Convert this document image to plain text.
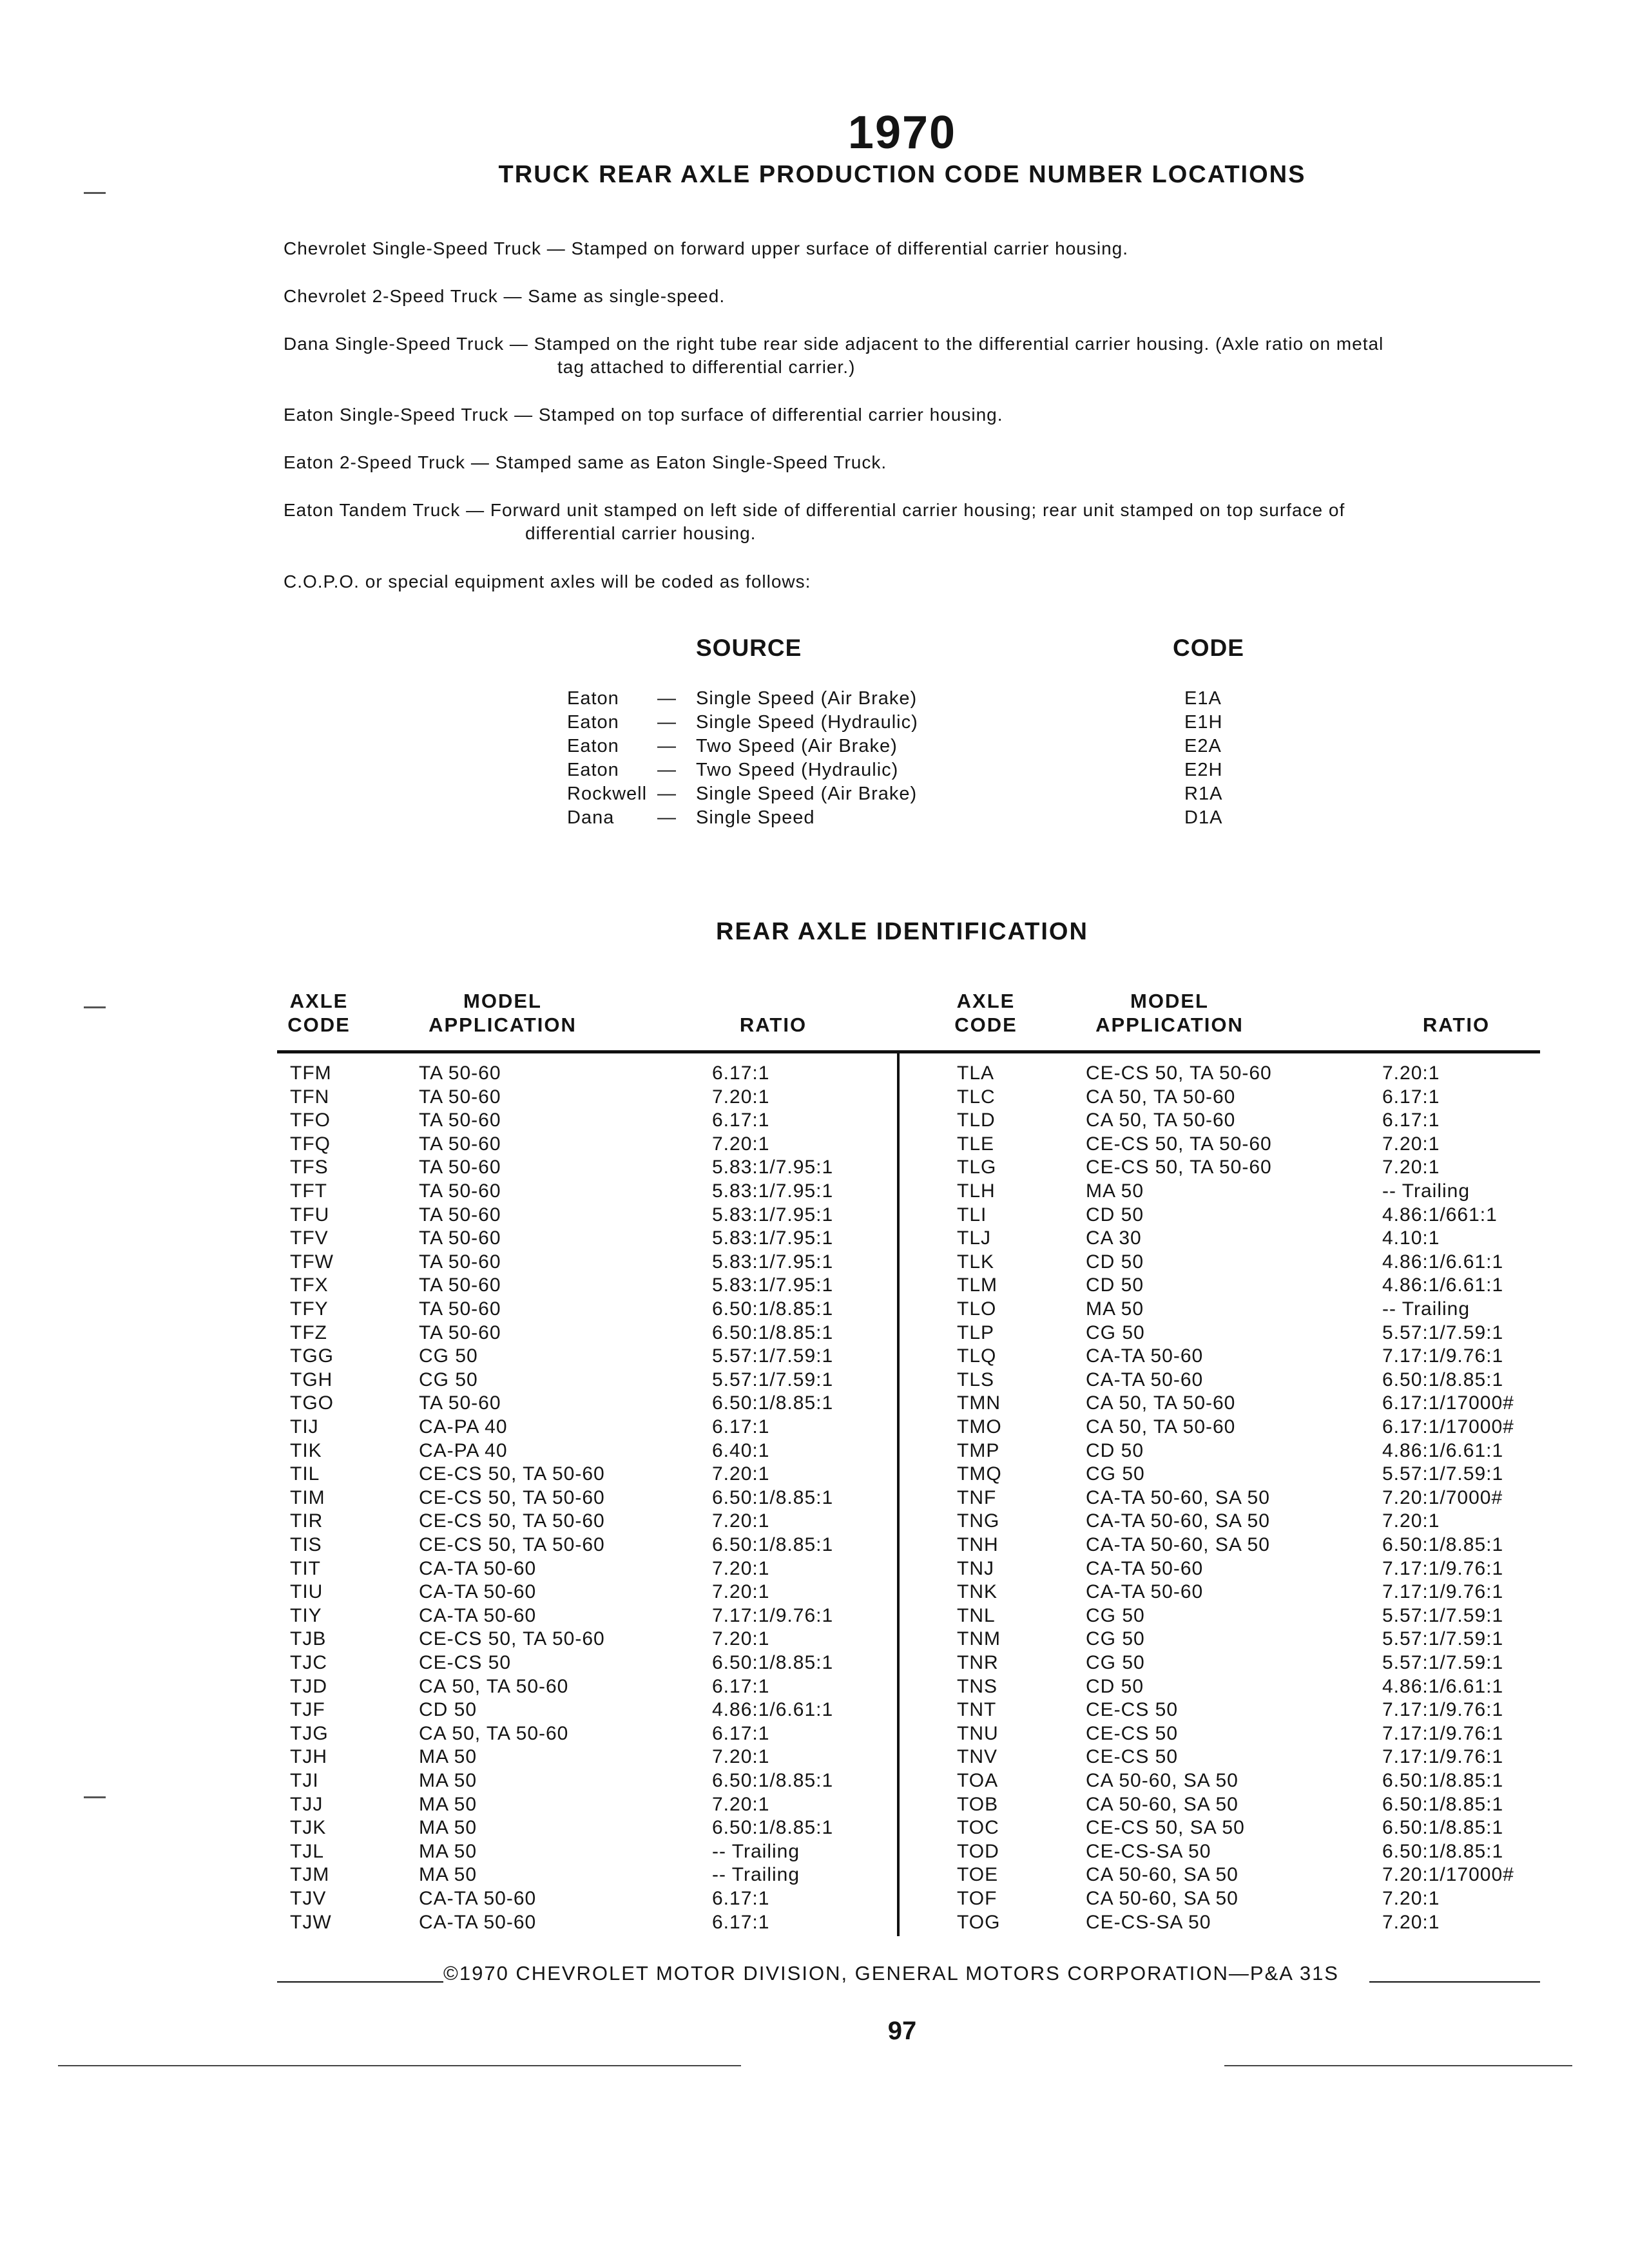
1970
TRUCK REAR AXLE PRODUCTION CODE NUMBER LOCATIONS
Chevrolet Single-Speed Truck — Stamped on forward upper surface of differential carrier housing.
Chevrolet 2-Speed Truck — Same as single-speed.
Dana Single-Speed Truck — Stamped on the right tube rear side adjacent to the differential carrier housing. (Axle ratio on metal
tag attached to differential carrier.)
Eaton Single-Speed Truck — Stamped on top surface of differential carrier housing.
Eaton 2-Speed Truck — Stamped same as Eaton Single-Speed Truck.
Eaton Tandem Truck — Forward unit stamped on left side of differential carrier housing; rear unit stamped on top surface of
differential carrier housing.
C.O.P.O. or special equipment axles will be coded as follows:
SOURCE	CODE
Eaton — Single Speed (Air Brake)	E1A
Eaton — Single Speed (Hydraulic)	E1H
Eaton — Two Speed (Air Brake)	E2A
Eaton — Two Speed (Hydraulic)	E2H
Rockwell — Single Speed (Air Brake)	R1A
Dana — Single Speed	D1A
REAR AXLE IDENTIFICATION
AXLE
CODE
MODEL
APPLICATION	RATIO
AXLE
CODE
MODEL
APPLICATION	RATIO
TFM	TA 50-60	6.17:1	TLA	CE-CS 50, TA 50-60	7.20:1
TFN	TA 50-60	7.20:1	TLC	CA 50, TA 50-60	6.17:1
TFO	TA 50-60	6.17:1	TLD	CA 50, TA 50-60	6.17:1
TFQ	TA 50-60	7.20:1	TLE	CE-CS 50, TA 50-60	7.20:1
TFS	TA 50-60	5.83:1/7.95:1	TLG	CE-CS 50, TA 50-60	7.20:1
TFT	TA 50-60	5.83:1/7.95:1	TLH	MA 50	-- Trailing
TFU	TA 50-60	5.83:1/7.95:1	TLI	CD 50	4.86:1/661:1
TFV	TA 50-60	5.83:1/7.95:1	TLJ	CA 30	4.10:1
TFW	TA 50-60	5.83:1/7.95:1	TLK	CD 50	4.86:1/6.61:1
TFX	TA 50-60	5.83:1/7.95:1	TLM	CD 50	4.86:1/6.61:1
TFY	TA 50-60	6.50:1/8.85:1	TLO	MA 50	-- Trailing
TFZ	TA 50-60	6.50:1/8.85:1	TLP	CG 50	5.57:1/7.59:1
TGG	CG 50	5.57:1/7.59:1	TLQ	CA-TA 50-60	7.17:1/9.76:1
TGH	CG 50	5.57:1/7.59:1	TLS	CA-TA 50-60	6.50:1/8.85:1
TGO	TA 50-60	6.50:1/8.85:1	TMN	CA 50, TA 50-60	6.17:1/17000#
TIJ	CA-PA 40	6.17:1	TMO	CA 50, TA 50-60	6.17:1/17000#
TIK	CA-PA 40	6.40:1	TMP	CD 50	4.86:1/6.61:1
TIL	CE-CS 50, TA 50-60	7.20:1	TMQ	CG 50	5.57:1/7.59:1
TIM	CE-CS 50, TA 50-60	6.50:1/8.85:1	TNF	CA-TA 50-60, SA 50	7.20:1/7000#
TIR	CE-CS 50, TA 50-60	7.20:1	TNG	CA-TA 50-60, SA 50	7.20:1
TIS	CE-CS 50, TA 50-60	6.50:1/8.85:1	TNH	CA-TA 50-60, SA 50	6.50:1/8.85:1
TIT	CA-TA 50-60	7.20:1	TNJ	CA-TA 50-60	7.17:1/9.76:1
TIU	CA-TA 50-60	7.20:1	TNK	CA-TA 50-60	7.17:1/9.76:1
TIY	CA-TA 50-60	7.17:1/9.76:1	TNL	CG 50	5.57:1/7.59:1
TJB	CE-CS 50, TA 50-60	7.20:1	TNM	CG 50	5.57:1/7.59:1
TJC	CE-CS 50	6.50:1/8.85:1	TNR	CG 50	5.57:1/7.59:1
TJD	CA 50, TA 50-60	6.17:1	TNS	CD 50	4.86:1/6.61:1
TJF	CD 50	4.86:1/6.61:1	TNT	CE-CS 50	7.17:1/9.76:1
TJG	CA 50, TA 50-60	6.17:1	TNU	CE-CS 50	7.17:1/9.76:1
TJH	MA 50	7.20:1	TNV	CE-CS 50	7.17:1/9.76:1
TJI	MA 50	6.50:1/8.85:1	TOA	CA 50-60, SA 50	6.50:1/8.85:1
TJJ	MA 50	7.20:1	TOB	CA 50-60, SA 50	6.50:1/8.85:1
TJK	MA 50	6.50:1/8.85:1	TOC	CE-CS 50, SA 50	6.50:1/8.85:1
TJL	MA 50	-- Trailing	TOD	CE-CS-SA 50	6.50:1/8.85:1
TJM	MA 50	-- Trailing	TOE	CA 50-60, SA 50	7.20:1/17000#
TJV	CA-TA 50-60	6.17:1	TOF	CA 50-60, SA 50	7.20:1
TJW	CA-TA 50-60	6.17:1	TOG	CE-CS-SA 50	7.20:1
©1970 CHEVROLET MOTOR DIVISION, GENERAL MOTORS CORPORATION—P&A 31S
97
